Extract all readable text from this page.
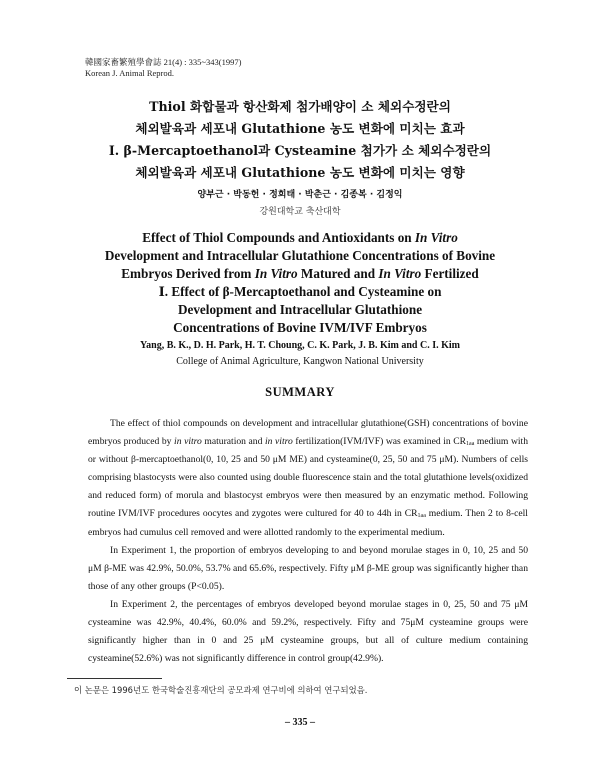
韓國家畜繁殖學會誌 21(4) : 335~343(1997)
Korean J. Animal Reprod.
Thiol 화합물과 항산화제 첨가배양이 소 체외수정란의
체외발육과 세포내 Glutathione 농도 변화에 미치는 효과
Ⅰ. β-Mercaptoethanol과 Cysteamine 첨가가 소 체외수정란의
체외발육과 세포내 Glutathione 농도 변화에 미치는 영향
양부근 · 박동헌 · 정희태 · 박춘근 · 김종복 · 김정익
강원대학교 축산대학
Effect of Thiol Compounds and Antioxidants on In Vitro
Development and Intracellular Glutathione Concentrations of Bovine
Embryos Derived from In Vitro Matured and In Vitro Fertilized
Ⅰ. Effect of β-Mercaptoethanol and Cysteamine on
Development and Intracellular Glutathione
Concentrations of Bovine IVM/IVF Embryos
Yang, B. K., D. H. Park, H. T. Choung, C. K. Park, J. B. Kim and C. I. Kim
College of Animal Agriculture, Kangwon National University
SUMMARY

The effect of thiol compounds on development and intracellular glutathione(GSH) concentrations of bovine embryos produced by in vitro maturation and in vitro fertilization(IVM/IVF) was examined in $CR_{1aa}$ medium with or without β-mercaptoethanol(0, 10, 25 and 50 μM ME) and cysteamine(0, 25, 50 and 75 μM). Numbers of cells comprising blastocysts were also counted using double fluorescence stain and the total glutathione levels(oxidized and reduced form) of morula and blastocyst embryos were then measured by an enzymatic method. Following routine IVM/IVF procedures oocytes and zygotes were cultured for 40 to 44h in $CR_{1aa}$ medium. Then 2 to 8-cell embryos had cumulus cell removed and were allotted randomly to the experimental medium.

In Experiment 1, the proportion of embryos developing to and beyond morulae stages in 0, 10, 25 and 50 μM β-ME was 42.9%, 50.0%, 53.7% and 65.6%, respectively. Fifty μM β-ME group was significantly higher than those of any other groups (P<0.05).

In Experiment 2, the percentages of embryos developed beyond morulae stages in 0, 25, 50 and 75 μM cysteamine was 42.9%, 40.4%, 60.0% and 59.2%, respectively. Fifty and 75μM cysteamine groups were significantly higher than in 0 and 25 μM cysteamine groups, but all of culture medium containing cysteamine(52.6%) was not significantly difference in control group(42.9%).

이 논문은 1996년도 한국학술진흥재단의 공모과제 연구비에 의하여 연구되었음.
– 335 –
